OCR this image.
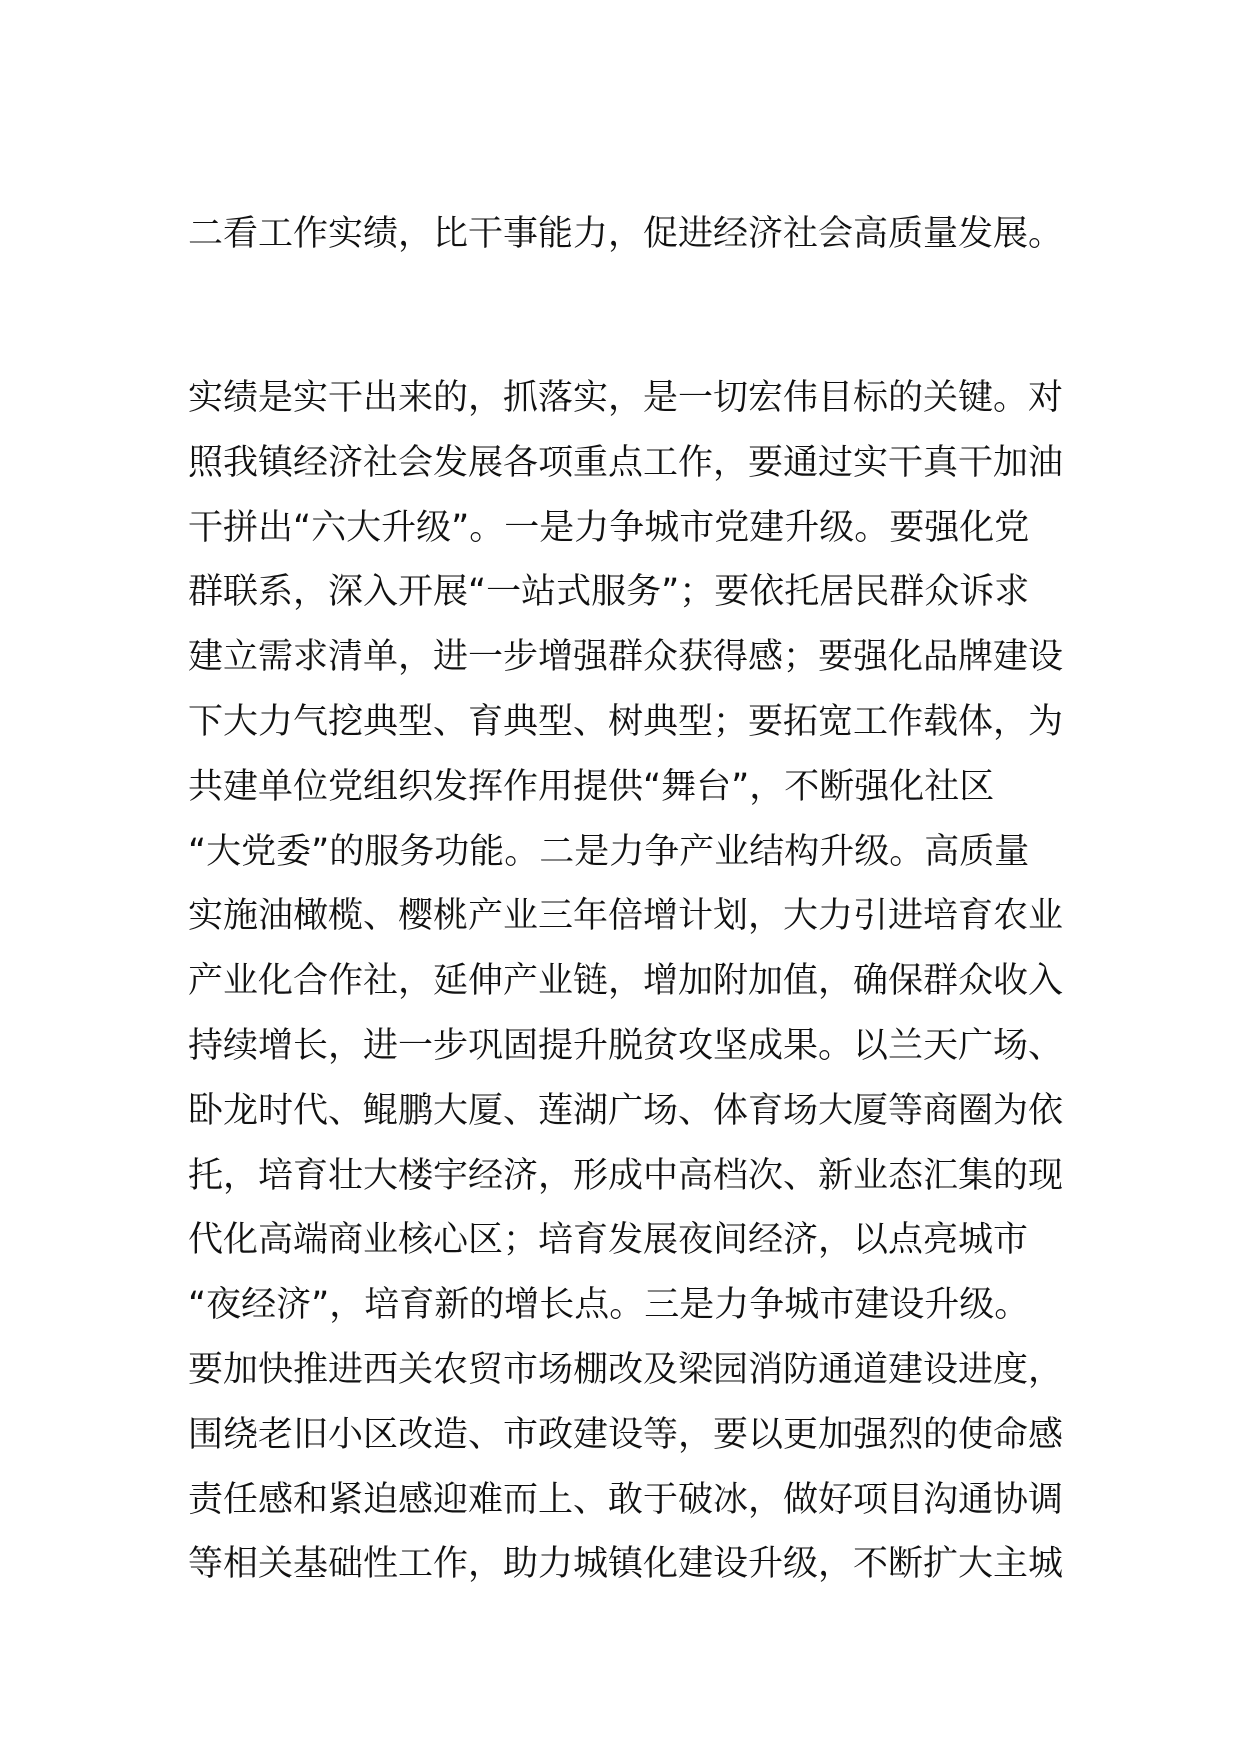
二看工作实绩，比干事能力，促进经济社会高质量发展。

实绩是实干出来的，抓落实，是一切宏伟目标的关键。对
照我镇经济社会发展各项重点工作，要通过实干真干加油
干拼出“六大升级”。一是力争城市党建升级。要强化党
群联系，深入开展“一站式服务”；要依托居民群众诉求
建立需求清单，进一步增强群众获得感；要强化品牌建设
下大力气挖典型、育典型、树典型；要拓宽工作载体，为
共建单位党组织发挥作用提供“舞台”，不断强化社区
“大党委”的服务功能。二是力争产业结构升级。高质量
实施油橄榄、樱桃产业三年倍增计划，大力引进培育农业
产业化合作社，延伸产业链，增加附加值，确保群众收入
持续增长，进一步巩固提升脱贫攻坚成果。以兰天广场、
卧龙时代、鲲鹏大厦、莲湖广场、体育场大厦等商圈为依
托，培育壮大楼宇经济，形成中高档次、新业态汇集的现
代化高端商业核心区；培育发展夜间经济，以点亮城市
“夜经济”，培育新的增长点。三是力争城市建设升级。
要加快推进西关农贸市场棚改及梁园消防通道建设进度，
围绕老旧小区改造、市政建设等，要以更加强烈的使命感
责任感和紧迫感迎难而上、敢于破冰，做好项目沟通协调
等相关基础性工作，助力城镇化建设升级，不断扩大主城
